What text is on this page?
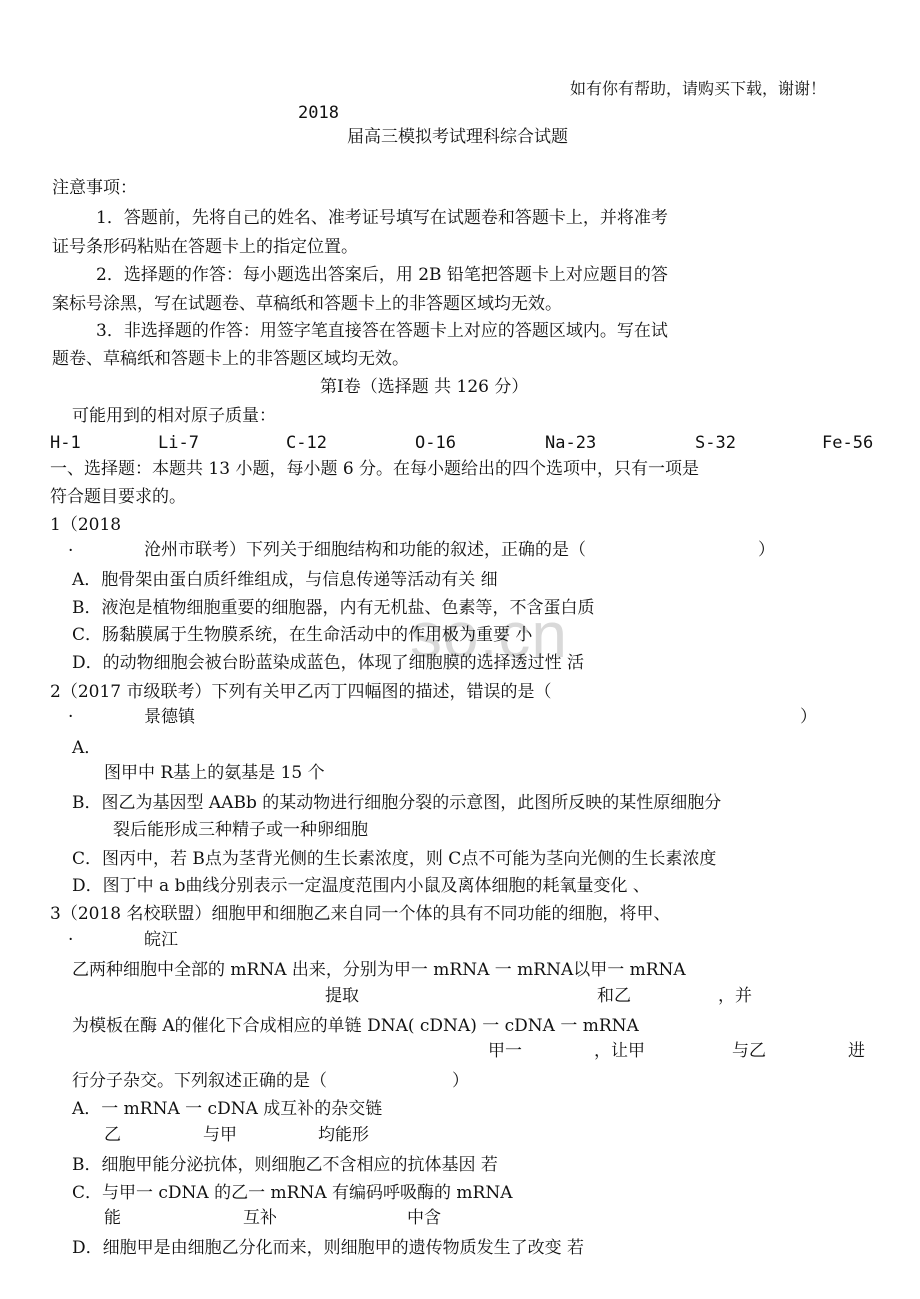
so.cn
如有你有帮助，请购买下载，谢谢！
2018
届高三模拟考试理科综合试题
注意事项：
1．答题前，先将自己的姓名、准考证号填写在试题卷和答题卡上，并将准考
证号条形码粘贴在答题卡上的指定位置。
2．选择题的作答：每小题选出答案后，用 2B 铅笔把答题卡上对应题目的答
案标号涂黑，写在试题卷、草稿纸和答题卡上的非答题区域均无效。
3．非选择题的作答：用签字笔直接答在答题卡上对应的答题区域内。写在试
题卷、草稿纸和答题卡上的非答题区域均无效。
第Ⅰ卷（选择题 共 126 分）
可能用到的相对原子质量：
H-1	Li-7	C-12	O-16	Na-23	S-32	Fe-56
一、选择题：本题共 13 小题，每小题 6 分。在每小题给出的四个选项中，只有一项是
符合题目要求的。
1（2018
·	沧州市联考）下列关于细胞结构和功能的叙述，正确的是（	）
A．胞骨架由蛋白质纤维组成，与信息传递等活动有关 细
B．液泡是植物细胞重要的细胞器，内有无机盐、色素等，不含蛋白质
C．肠黏膜属于生物膜系统，在生命活动中的作用极为重要 小
D．的动物细胞会被台盼蓝染成蓝色，体现了细胞膜的选择透过性 活
2（2017 市级联考）下列有关甲乙丙丁四幅图的描述，错误的是（
·	景德镇	）
A．
图甲中 R基上的氨基是 15 个
B．图乙为基因型 AABb 的某动物进行细胞分裂的示意图，此图所反映的某性原细胞分
裂后能形成三种精子或一种卵细胞
C．图丙中，若 B点为茎背光侧的生长素浓度，则 C点不可能为茎向光侧的生长素浓度
D．图丁中 a b曲线分别表示一定温度范围内小鼠及离体细胞的耗氧量变化 、
3（2018 名校联盟）细胞甲和细胞乙来自同一个体的具有不同功能的细胞，将甲、
·	皖江
乙两种细胞中全部的 mRNA 出来，分别为甲一 mRNA 一 mRNA以甲一 mRNA
提取	和乙	，并
为模板在酶 A的催化下合成相应的单链 DNA( cDNA) 一 cDNA 一 mRNA
甲一	，让甲	与乙	进
行分子杂交。下列叙述正确的是（	）
A．一 mRNA 一 cDNA 成互补的杂交链
乙	与甲	均能形
B．细胞甲能分泌抗体，则细胞乙不含相应的抗体基因 若
C．与甲一 cDNA 的乙一 mRNA 有编码呼吸酶的 mRNA
能	互补	中含
D．细胞甲是由细胞乙分化而来，则细胞甲的遗传物质发生了改变 若
